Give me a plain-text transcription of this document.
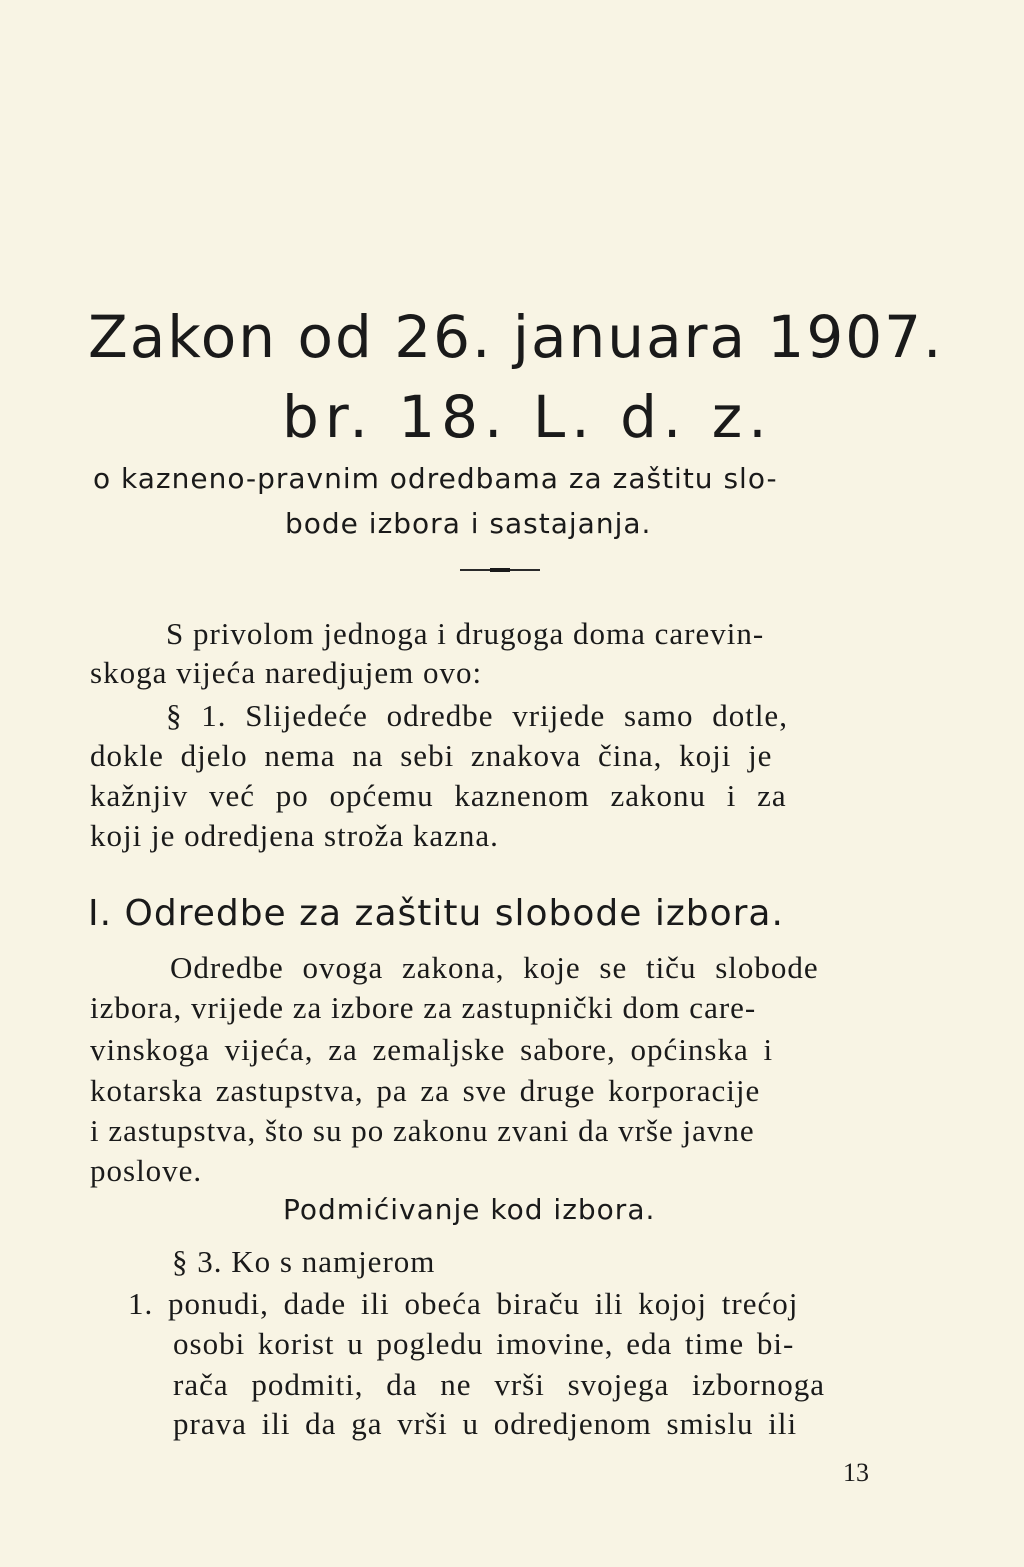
Zakon od 26. januara 1907.
br. 18. L. d. z.
o kazneno-pravnim odredbama za zaštitu slo-
bode izbora i sastajanja.
S privolom jednoga i drugoga doma carevin-
skoga vijeća naredjujem ovo:
§ 1. Slijedeće odredbe vrijede samo dotle,
dokle djelo nema na sebi znakova čina, koji je
kažnjiv već po općemu kaznenom zakonu i za
koji je odredjena stroža kazna.
I. Odredbe za zaštitu slobode izbora.
Odredbe ovoga zakona, koje se tiču slobode
izbora, vrijede za izbore za zastupnički dom care-
vinskoga vijeća, za zemaljske sabore, općinska i
kotarska zastupstva, pa za sve druge korporacije
i zastupstva, što su po zakonu zvani da vrše javne
poslove.
Podmićivanje kod izbora.
§ 3. Ko s namjerom
1. ponudi, dade ili obeća biraču ili kojoj trećoj
osobi korist u pogledu imovine, eda time bi-
rača podmiti, da ne vrši svojega izbornoga
prava ili da ga vrši u odredjenom smislu ili
13
